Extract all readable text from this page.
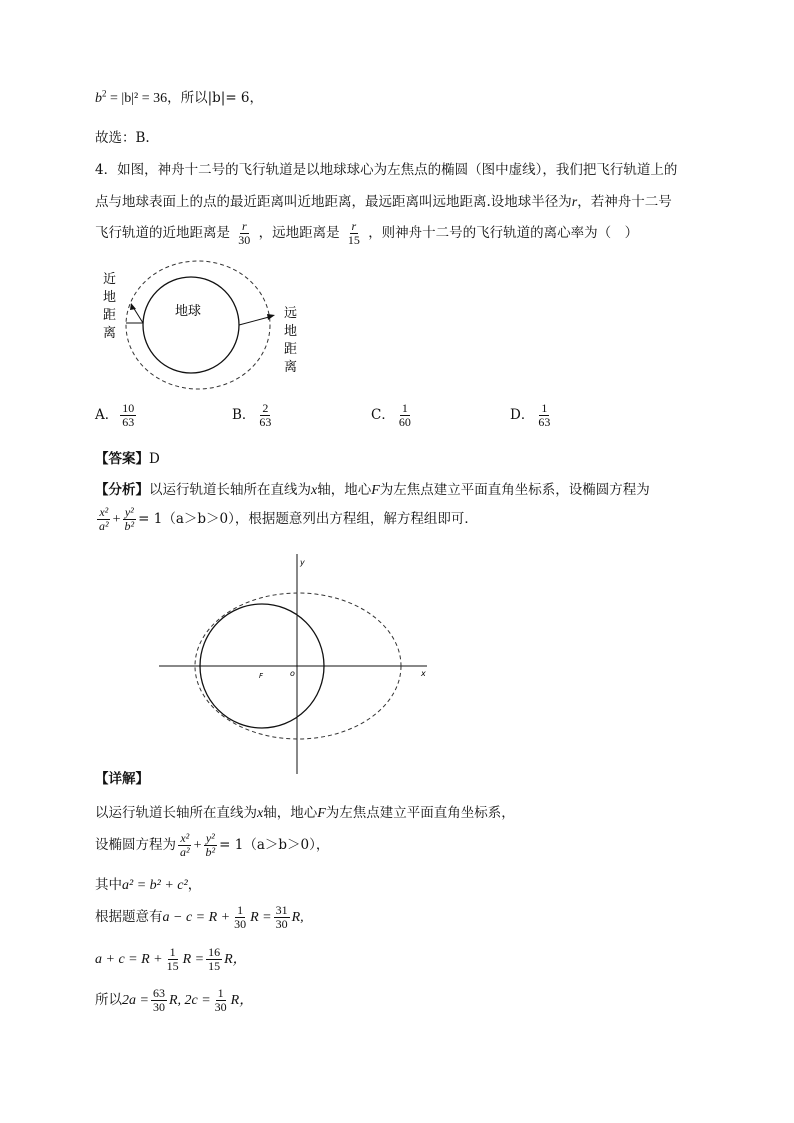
$b^2 = |b|^2 = 36$，所以|b|= 6，
故选：B.
4．如图，神舟十二号的飞行轨道是以地球球心为左焦点的椭圆（图中虚线），我们把飞行轨道上的
点与地球表面上的点的最近距离叫近地距离，最远距离叫远地距离.设地球半径为r，若神舟十二号
飞行轨道的近地距离是 $\frac{r}{30}$ ，远地距离是 $\frac{r}{15}$ ，则神舟十二号的飞行轨道的离心率为（　）
地球
近
地
距
离
远
地
距
离
A． $\frac{10}{63}$	B． $\frac{2}{63}$	C． $\frac{1}{60}$	D． $\frac{1}{63}$
【答案】D
【分析】以运行轨道长轴所在直线为x轴，地心F为左焦点建立平面直角坐标系，设椭圆方程为
$\frac{\text{x²}}{\text{a²}} + \frac{\text{y²}}{\text{b²}} = 1(a>b>0)$，根据题意列出方程组，解方程组即可．
y
x
o
F
【详解】
以运行轨道长轴所在直线为x轴，地心F为左焦点建立平面直角坐标系，
设椭圆方程为 $\frac{\text{x²}}{\text{a²}} + \frac{\text{y²}}{\text{b²}} = 1(a>b>0)$，
其中a² = b² + c²，
根据题意有$a - c = R + \frac{1}{30}$ $R = \frac{31}{30} R$,
$a + c = R + \frac{1}{15}$ $R = \frac{16}{15}$ R，
所以$2a = \frac{63}{30} R$, $2c = \frac{1}{30}$ R，
